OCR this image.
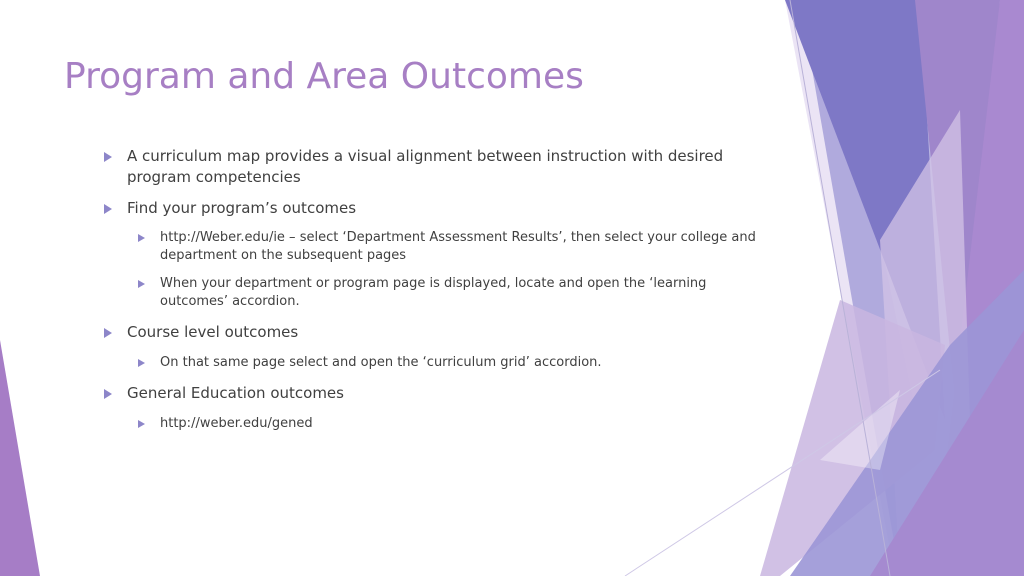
Program and Area Outcomes
A curriculum map provides a visual alignment between instruction with desired program competencies
Find your program’s outcomes
http://Weber.edu/ie – select ‘Department Assessment Results’, then select your college and department on the subsequent pages
When your department or program page is displayed, locate and open the ‘learning outcomes’ accordion.
Course level outcomes
On that same page select and open the ‘curriculum grid’ accordion.
General Education outcomes
http://weber.edu/gened
